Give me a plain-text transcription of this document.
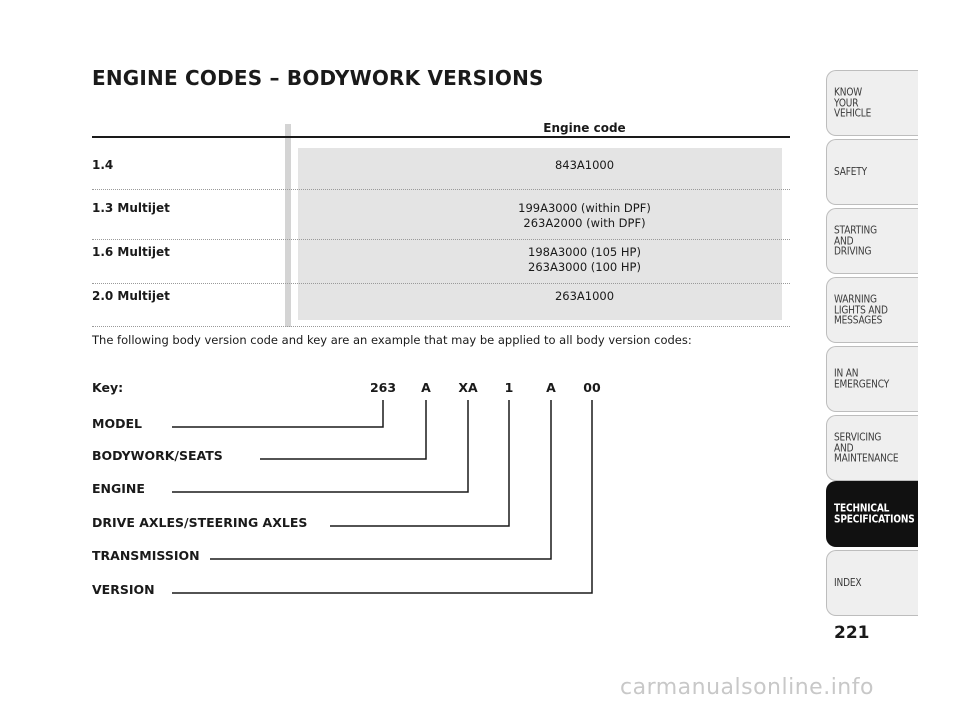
ENGINE CODES – BODYWORK VERSIONS
Engine code
1.4	843A1000
1.3 Multijet	199A3000 (within DPF)
263A2000 (with DPF)
1.6 Multijet	198A3000 (105 HP)
263A3000 (100 HP)
2.0 Multijet	263A1000
The following body version code and key are an example that may be applied to all body version codes:
Key:	263	A	XA	1	A	00
MODEL
BODYWORK/SEATS
ENGINE
DRIVE AXLES/STEERING AXLES
TRANSMISSION
VERSION
KNOW
YOUR
VEHICLE
SAFETY
STARTING
AND
DRIVING
WARNING
LIGHTS AND
MESSAGES
IN AN
EMERGENCY
SERVICING
AND
MAINTENANCE
TECHNICAL
SPECIFICATIONS
INDEX
221
carmanualsonline.info
